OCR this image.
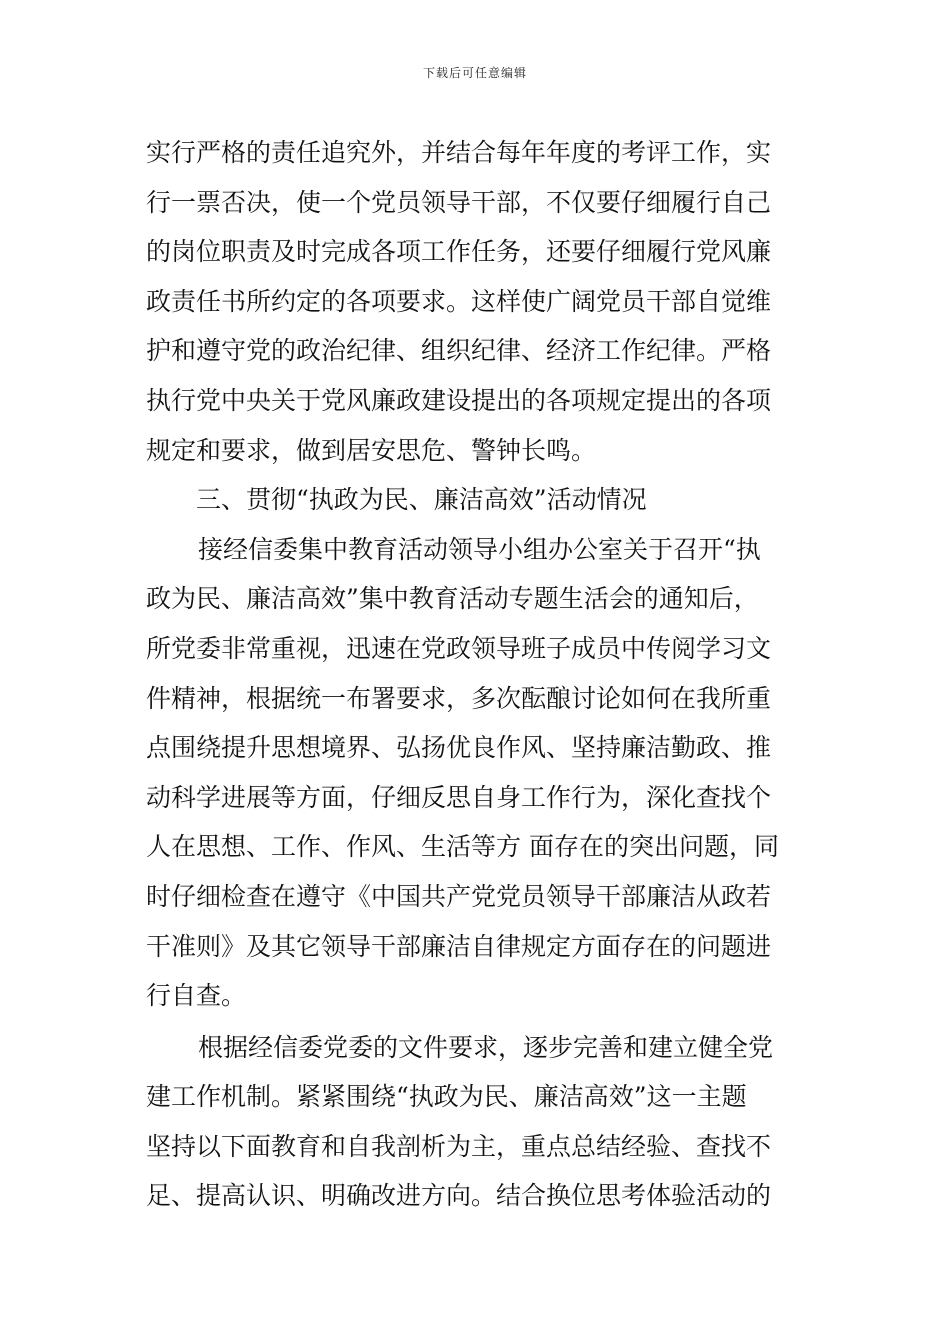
下载后可任意编辑
实行严格的责任追究外，并结合每年年度的考评工作，实
行一票否决，使一个党员领导干部，不仅要仔细履行自己
的岗位职责及时完成各项工作任务，还要仔细履行党风廉
政责任书所约定的各项要求。这样使广阔党员干部自觉维
护和遵守党的政治纪律、组织纪律、经济工作纪律。严格
执行党中央关于党风廉政建设提出的各项规定提出的各项
规定和要求，做到居安思危、警钟长鸣。
三、贯彻“执政为民、廉洁高效”活动情况
接经信委集中教育活动领导小组办公室关于召开“执
政为民、廉洁高效”集中教育活动专题生活会的通知后，
所党委非常重视，迅速在党政领导班子成员中传阅学习文
件精神，根据统一布署要求，多次酝酿讨论如何在我所重
点围绕提升思想境界、弘扬优良作风、坚持廉洁勤政、推
动科学进展等方面，仔细反思自身工作行为，深化查找个
人在思想、工作、作风、生活等方 面存在的突出问题，同
时仔细检查在遵守《中国共产党党员领导干部廉洁从政若
干准则》及其它领导干部廉洁自律规定方面存在的问题进
行自查。
根据经信委党委的文件要求，逐步完善和建立健全党
建工作机制。紧紧围绕“执政为民、廉洁高效”这一主题
坚持以下面教育和自我剖析为主，重点总结经验、查找不
足、提高认识、明确改进方向。结合换位思考体验活动的
